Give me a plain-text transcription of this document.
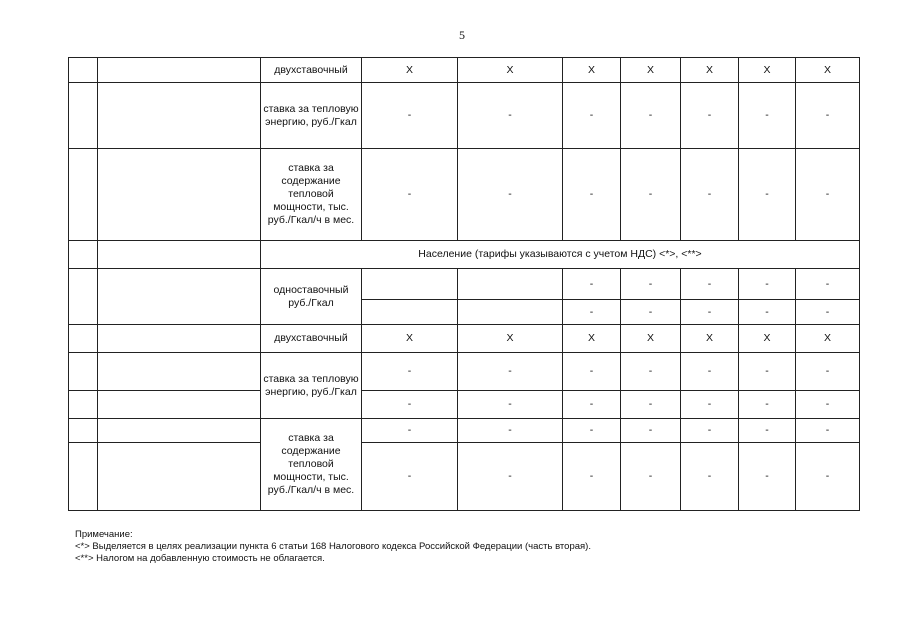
5
		двухставочный	X	X	X	X	X	X	X
		ставка за тепловую энергию, руб./Гкал	-	-	-	-	-	-	-
		ставка за содержание тепловой мощности, тыс. руб./Гкал/ч в мес.	-	-	-	-	-	-	-
		Население (тарифы указываются с учетом НДС) <*>, <**>							
		одноставочный руб./Гкал			-	-	-	-	-
					-	-	-	-	-
		двухставочный	X	X	X	X	X	X	X
		ставка за тепловую энергию, руб./Гкал	-	-	-	-	-	-	-
			-	-	-	-	-	-	-
		ставка за содержание тепловой мощности, тыс. руб./Гкал/ч в мес.	-	-	-	-	-	-	-
			-	-	-	-	-	-	-
Примечание:
<*> Выделяется в целях реализации пункта 6 статьи 168 Налогового кодекса Российской Федерации (часть вторая).
<**> Налогом на добавленную стоимость не облагается.
